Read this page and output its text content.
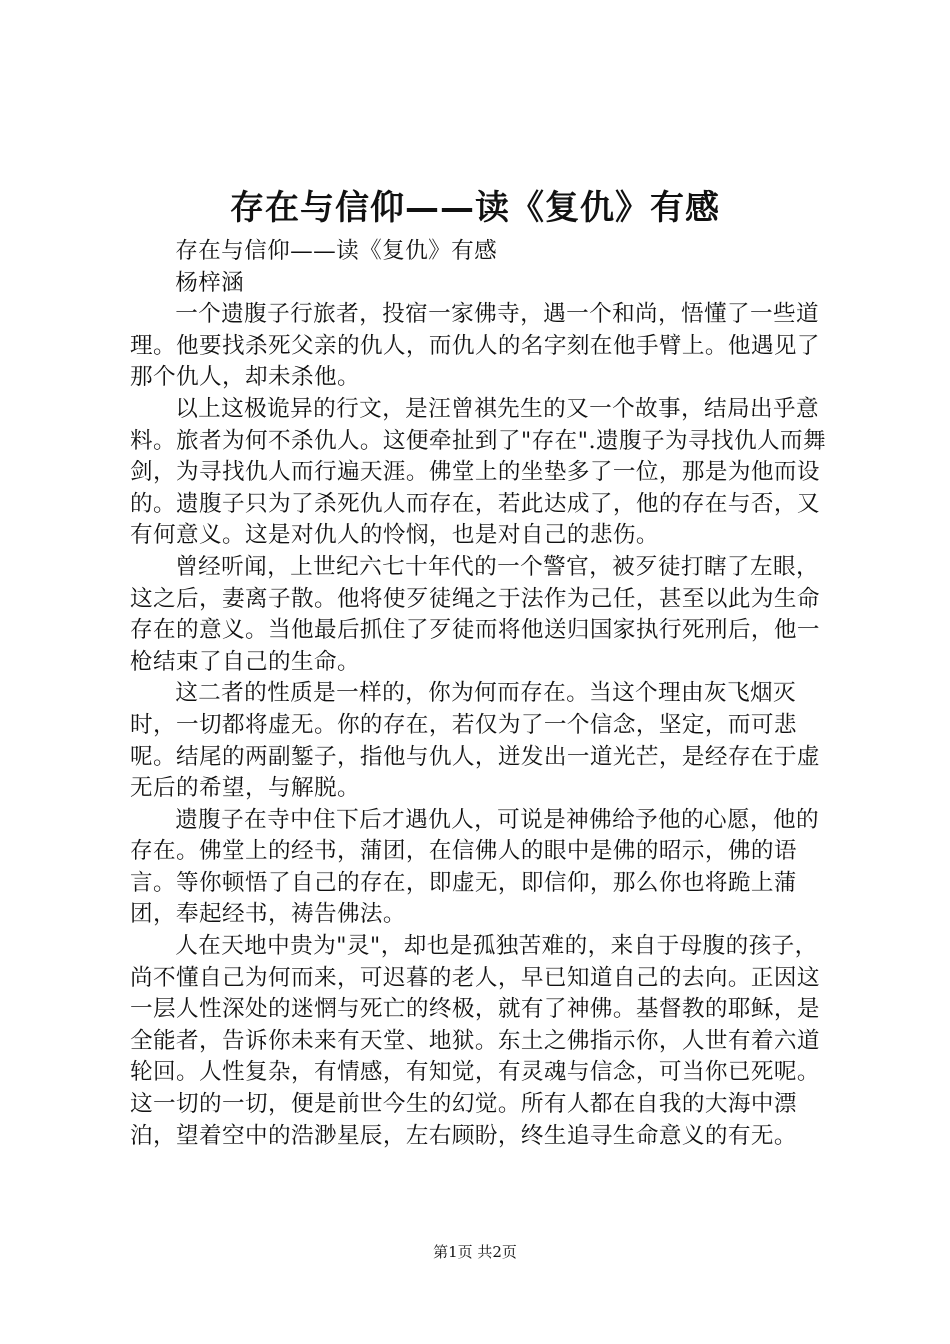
存在与信仰——读《复仇》有感

存在与信仰——读《复仇》有感

杨梓涵

一个遗腹子行旅者，投宿一家佛寺，遇一个和尚，悟懂了一些道理。他要找杀死父亲的仇人，而仇人的名字刻在他手臂上。他遇见了那个仇人，却未杀他。

以上这极诡异的行文，是汪曾祺先生的又一个故事，结局出乎意料。旅者为何不杀仇人。这便牵扯到了"存在".遗腹子为寻找仇人而舞剑，为寻找仇人而行遍天涯。佛堂上的坐垫多了一位，那是为他而设的。遗腹子只为了杀死仇人而存在，若此达成了，他的存在与否，又有何意义。这是对仇人的怜悯，也是对自己的悲伤。

曾经听闻，上世纪六七十年代的一个警官，被歹徒打瞎了左眼，这之后，妻离子散。他将使歹徒绳之于法作为己任，甚至以此为生命存在的意义。当他最后抓住了歹徒而将他送归国家执行死刑后，他一枪结束了自己的生命。

这二者的性质是一样的，你为何而存在。当这个理由灰飞烟灭时，一切都将虚无。你的存在，若仅为了一个信念，坚定，而可悲呢。结尾的两副錾子，指他与仇人，迸发出一道光芒，是经存在于虚无后的希望，与解脱。

遗腹子在寺中住下后才遇仇人，可说是神佛给予他的心愿，他的存在。佛堂上的经书，蒲团，在信佛人的眼中是佛的昭示，佛的语言。等你顿悟了自己的存在，即虚无，即信仰，那么你也将跪上蒲团，奉起经书，祷告佛法。

人在天地中贵为"灵"，却也是孤独苦难的，来自于母腹的孩子，尚不懂自己为何而来，可迟暮的老人，早已知道自己的去向。正因这一层人性深处的迷惘与死亡的终极，就有了神佛。基督教的耶稣，是全能者，告诉你未来有天堂、地狱。东土之佛指示你，人世有着六道轮回。人性复杂，有情感，有知觉，有灵魂与信念，可当你已死呢。这一切的一切，便是前世今生的幻觉。所有人都在自我的大海中漂泊，望着空中的浩渺星辰，左右顾盼，终生追寻生命意义的有无。

第1页 共2页
